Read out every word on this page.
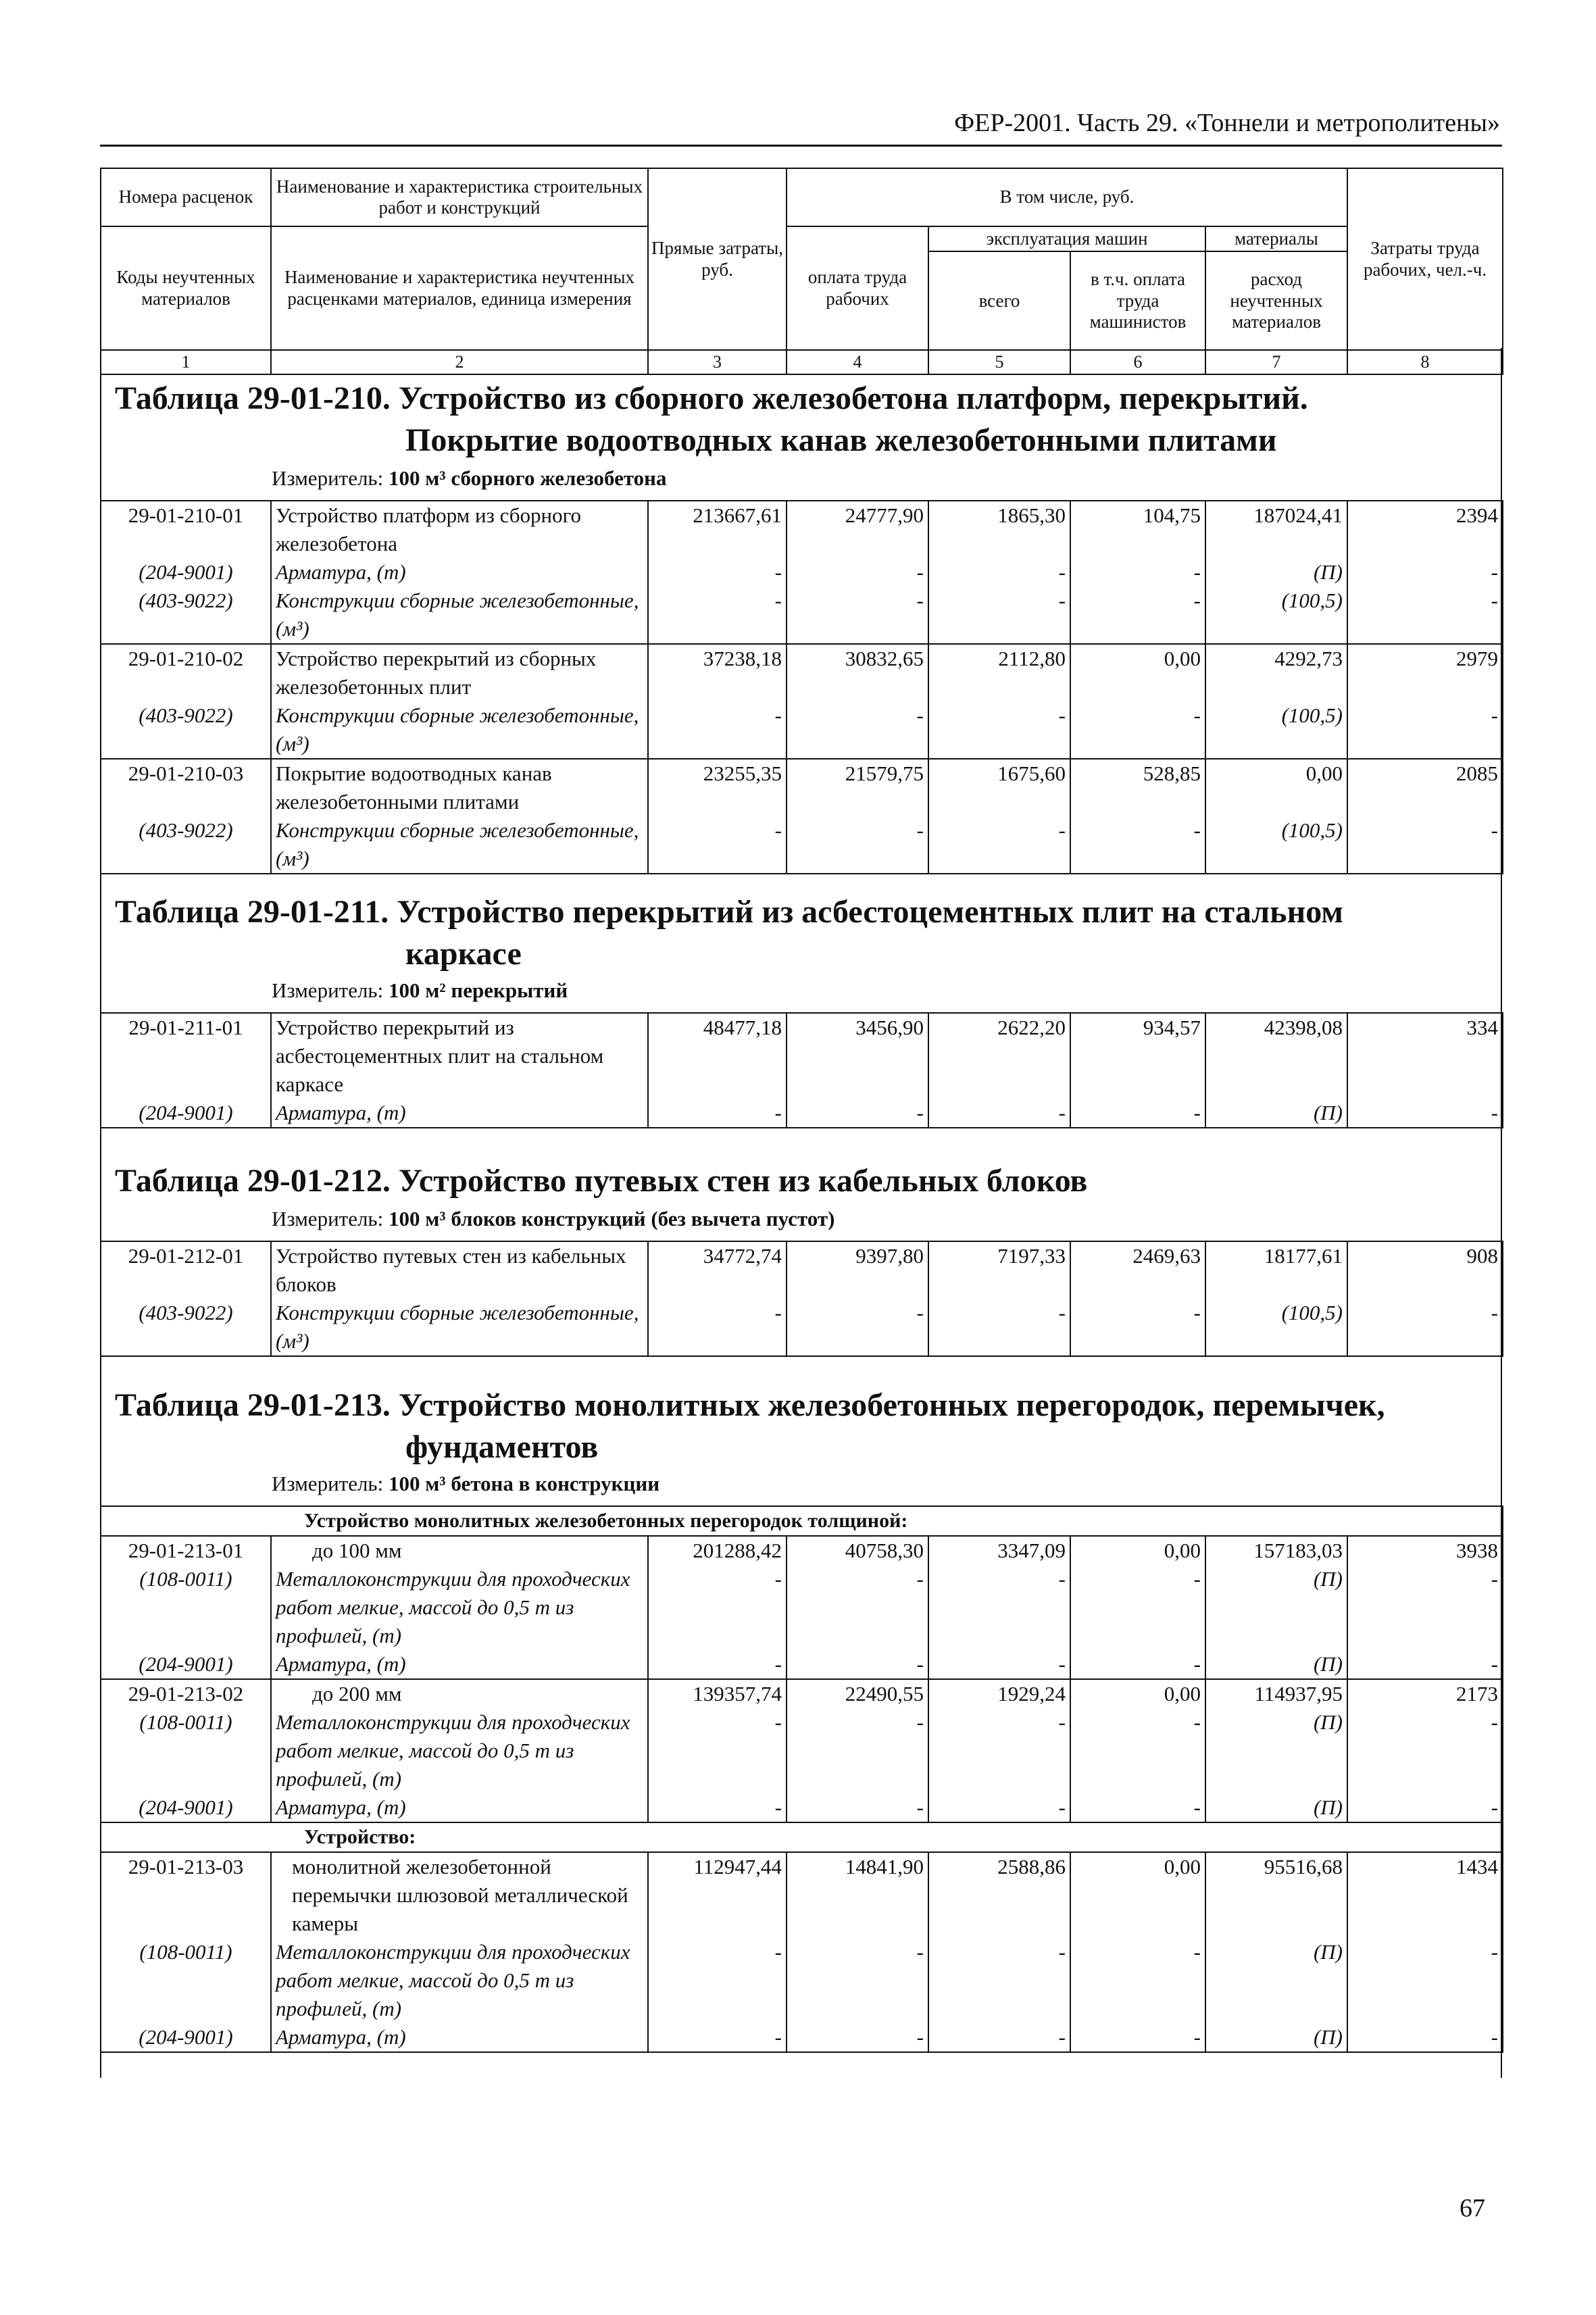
ФЕР-2001. Часть 29. «Тоннели и метрополитены»
Номера расценок	Наименование и характеристика строительных работ и конструкций	Прямые затраты, руб.	В том числе, руб.				Затраты труда рабочих, чел.-ч.
Коды неучтенных материалов	Наименование и характеристика неучтенных расценками материалов, единица измерения		оплата труда рабочих	эксплуатация машин		материалы	
				всего	в т.ч. оплата труда машинистов	расход неучтенных материалов	
1	2	3	4	5	6	7	8
Таблица 29-01-210. Устройство из сборного железобетона платформ, перекрытий.
Покрытие водоотводных канав железобетонными плитами
Измеритель: 100 м³ сборного железобетона
29-01-210-01	Устройство платформ из сборного железобетона	213667,61	24777,90	1865,30	104,75	187024,41	2394
(204-9001)	Арматура, (т)	-	-	-	-	(П)	-
(403-9022)	Конструкции сборные железобетонные, (м³)	-	-	-	-	(100,5)	-
29-01-210-02	Устройство перекрытий из сборных железобетонных плит	37238,18	30832,65	2112,80	0,00	4292,73	2979
(403-9022)	Конструкции сборные железобетонные, (м³)	-	-	-	-	(100,5)	-
29-01-210-03	Покрытие водоотводных канав железобетонными плитами	23255,35	21579,75	1675,60	528,85	0,00	2085
(403-9022)	Конструкции сборные железобетонные, (м³)	-	-	-	-	(100,5)	-
Таблица 29-01-211. Устройство перекрытий из асбестоцементных плит на стальном
каркасе
Измеритель: 100 м² перекрытий
29-01-211-01	Устройство перекрытий из асбестоцементных плит на стальном каркасе	48477,18	3456,90	2622,20	934,57	42398,08	334
(204-9001)	Арматура, (т)	-	-	-	-	(П)	-
Таблица 29-01-212. Устройство путевых стен из кабельных блоков
Измеритель: 100 м³ блоков конструкций (без вычета пустот)
29-01-212-01	Устройство путевых стен из кабельных блоков	34772,74	9397,80	7197,33	2469,63	18177,61	908
(403-9022)	Конструкции сборные железобетонные, (м³)	-	-	-	-	(100,5)	-
Таблица 29-01-213. Устройство монолитных железобетонных перегородок, перемычек,
фундаментов
Измеритель: 100 м³ бетона в конструкции
Устройство монолитных железобетонных перегородок толщиной:							
29-01-213-01	до 100 мм	201288,42	40758,30	3347,09	0,00	157183,03	3938
(108-0011)	Металлоконструкции для проходческих работ мелкие, массой до 0,5 т из профилей, (т)	-	-	-	-	(П)	-
(204-9001)	Арматура, (т)	-	-	-	-	(П)	-
29-01-213-02	до 200 мм	139357,74	22490,55	1929,24	0,00	114937,95	2173
(108-0011)	Металлоконструкции для проходческих работ мелкие, массой до 0,5 т из профилей, (т)	-	-	-	-	(П)	-
(204-9001)	Арматура, (т)	-	-	-	-	(П)	-
Устройство:							
29-01-213-03	монолитной железобетонной перемычки шлюзовой металлической камеры	112947,44	14841,90	2588,86	0,00	95516,68	1434
(108-0011)	Металлоконструкции для проходческих работ мелкие, массой до 0,5 т из профилей, (т)	-	-	-	-	(П)	-
(204-9001)	Арматура, (т)	-	-	-	-	(П)	-
67
